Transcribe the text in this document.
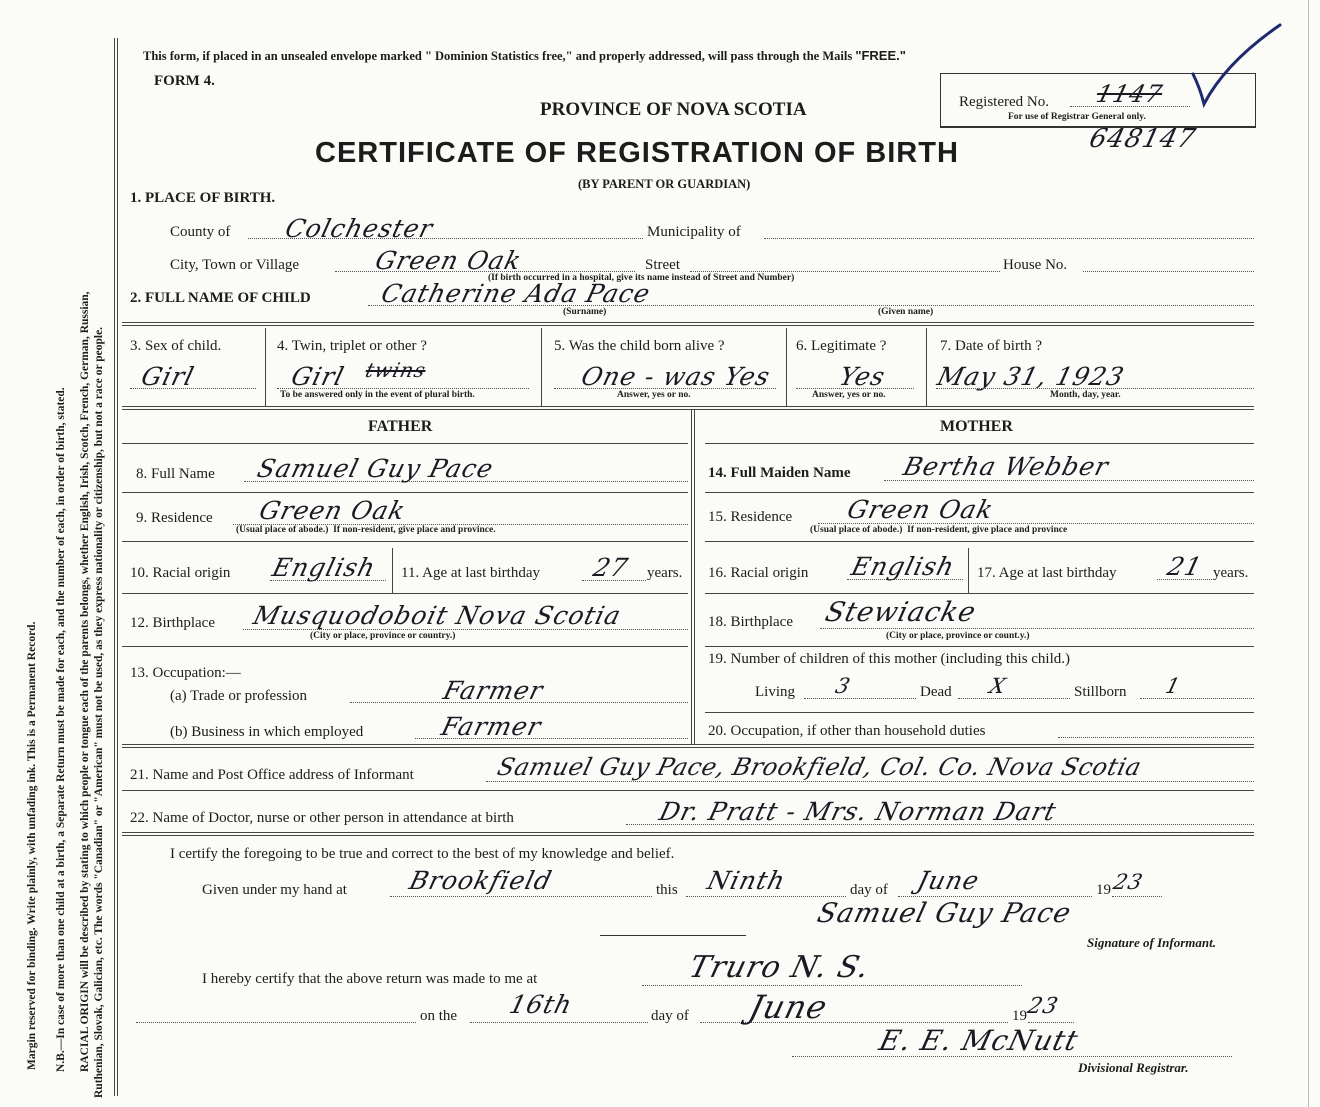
Margin reserved for binding. Write plainly, with unfading ink. This is a Permanent Record. N.B.—In case of more than one child at a birth, a Separate Return must be made for each, and the number of each, in order of birth, stated. RACIAL ORIGIN will be described by stating to which people or tongue each of the parents belongs, whether English, Irish, Scotch, French, German, Russian, Ruthenian, Slovak, Galician, etc. The words "Canadian" or "American" must not be used, as they express nationality or citizenship, but not a race or people.
This form, if placed in an unsealed envelope marked " Dominion Statistics free," and properly addressed, will pass through the Mails "FREE."
FORM 4.
PROVINCE OF NOVA SCOTIA
CERTIFICATE OF REGISTRATION OF BIRTH
(BY PARENT OR GUARDIAN)
Registered No. 1147
For use of Registrar General only.
648147
1. PLACE OF BIRTH.
County of Colchester	Municipality of
City, Town or Village	Green Oak	Street	House No.
(If birth occurred in a hospital, give its name instead of Street and Number)
2. FULL NAME OF CHILD	Catherine Ada Pace
(Surname)	(Given name)
3. Sex of child.
Girl
4. Twin, triplet or other ?
Girl twins
To be answered only in the event of plural birth.
5. Was the child born alive ?
One - was Yes
Answer, yes or no.
6. Legitimate ?
Yes
Answer, yes or no.
7. Date of birth ?
May 31, 1923
Month, day, year.
FATHER	MOTHER
8. Full Name Samuel Guy Pace
9. Residence Green Oak
(Usual place of abode.) If non-resident, give place and province.
10. Racial origin English 11. Age at last birthday 27 years.
12. Birthplace Musquodoboit Nova Scotia
(City or place, province or country.)
13. Occupation:—
(a) Trade or profession	Farmer
(b) Business in which employed	Farmer
14. Full Maiden Name Bertha Webber
15. Residence Green Oak
(Usual place of abode.) If non-resident, give place and province
16. Racial origin English 17. Age at last birthday 21 years.
18. Birthplace Stewiacke
(City or place, province or count.y.)
19. Number of children of this mother (including this child.)
Living 3	Dead X	Stillborn 1
20. Occupation, if other than household duties
21. Name and Post Office address of Informant	Samuel Guy Pace, Brookfield, Col. Co. Nova Scotia
22. Name of Doctor, nurse or other person in attendance at birth	Dr. Pratt - Mrs. Norman Dart
I certify the foregoing to be true and correct to the best of my knowledge and belief.
Given under my hand at Brookfield	this Ninth	day of June	19 23
Samuel Guy Pace
Signature of Informant.
I hereby certify that the above return was made to me at	Truro N. S.
on the 16th	day of June	19
23
E. E. McNutt
Divisional Registrar.
